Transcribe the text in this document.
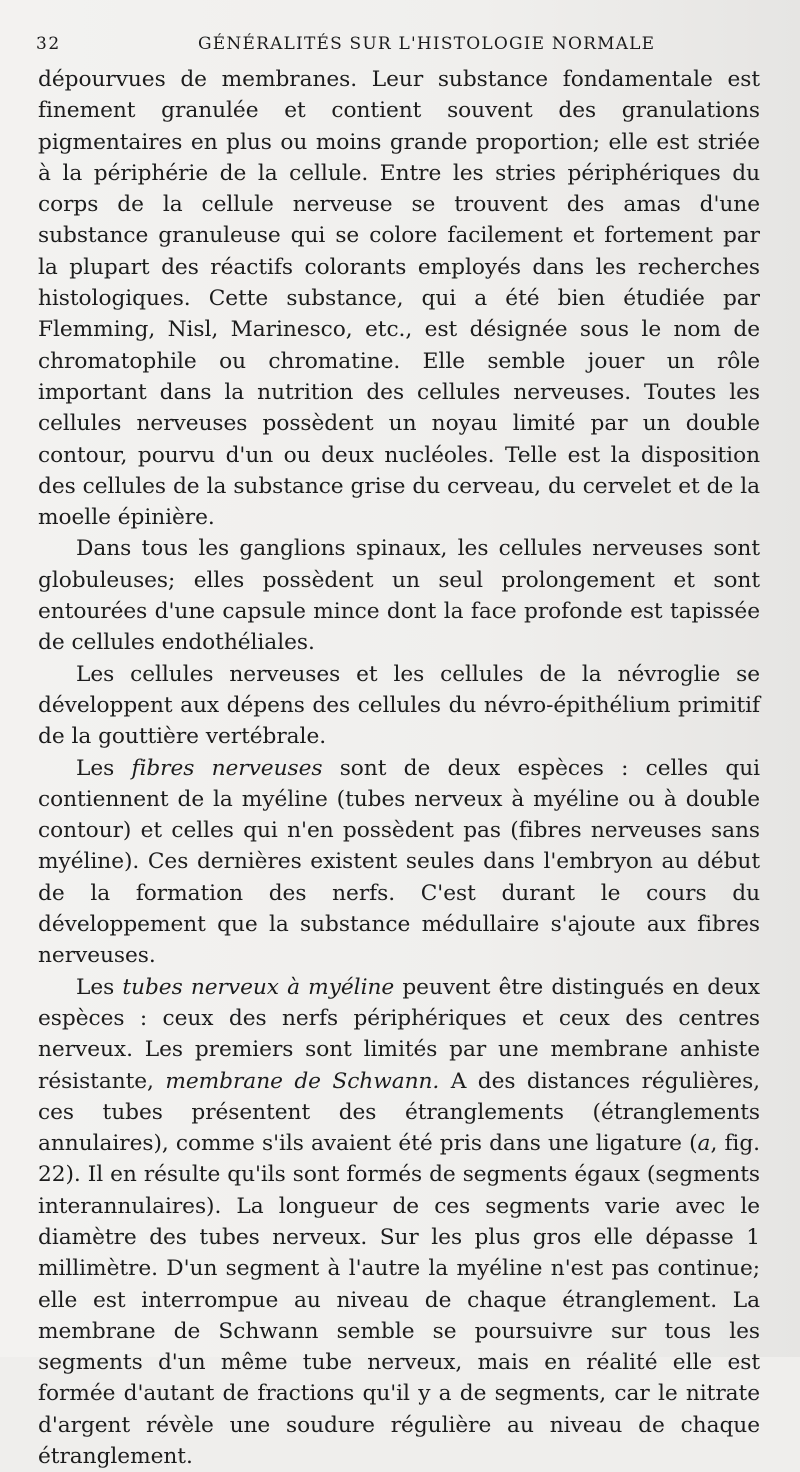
32	GÉNÉRALITÉS SUR L'HISTOLOGIE NORMALE

dépourvues de membranes. Leur substance fondamentale est finement granulée et contient souvent des granulations pigmentaires en plus ou moins grande proportion; elle est striée à la périphérie de la cellule. Entre les stries périphériques du corps de la cellule nerveuse se trouvent des amas d'une substance granuleuse qui se colore facilement et fortement par la plupart des réactifs colorants employés dans les recherches histologiques. Cette substance, qui a été bien étudiée par Flemming, Nisl, Marinesco, etc., est désignée sous le nom de chromatophile ou chromatine. Elle semble jouer un rôle important dans la nutrition des cellules nerveuses. Toutes les cellules nerveuses possèdent un noyau limité par un double contour, pourvu d'un ou deux nucléoles. Telle est la disposition des cellules de la substance grise du cerveau, du cervelet et de la moelle épinière.

Dans tous les ganglions spinaux, les cellules nerveuses sont globuleuses; elles possèdent un seul prolongement et sont entourées d'une capsule mince dont la face profonde est tapissée de cellules endothéliales.

Les cellules nerveuses et les cellules de la névroglie se développent aux dépens des cellules du névro-épithélium primitif de la gouttière vertébrale.

Les fibres nerveuses sont de deux espèces : celles qui contiennent de la myéline (tubes nerveux à myéline ou à double contour) et celles qui n'en possèdent pas (fibres nerveuses sans myéline). Ces dernières existent seules dans l'embryon au début de la formation des nerfs. C'est durant le cours du développement que la substance médullaire s'ajoute aux fibres nerveuses.

Les tubes nerveux à myéline peuvent être distingués en deux espèces : ceux des nerfs périphériques et ceux des centres nerveux. Les premiers sont limités par une membrane anhiste résistante, membrane de Schwann. A des distances régulières, ces tubes présentent des étranglements (étranglements annulaires), comme s'ils avaient été pris dans une ligature (a, fig. 22). Il en résulte qu'ils sont formés de segments égaux (segments interannulaires). La longueur de ces segments varie avec le diamètre des tubes nerveux. Sur les plus gros elle dépasse 1 millimètre. D'un segment à l'autre la myéline n'est pas continue; elle est interrompue au niveau de chaque étranglement. La membrane de Schwann semble se poursuivre sur tous les segments d'un même tube nerveux, mais en réalité elle est formée d'autant de fractions qu'il y a de segments, car le nitrate d'argent révèle une soudure régulière au niveau de chaque étranglement.
